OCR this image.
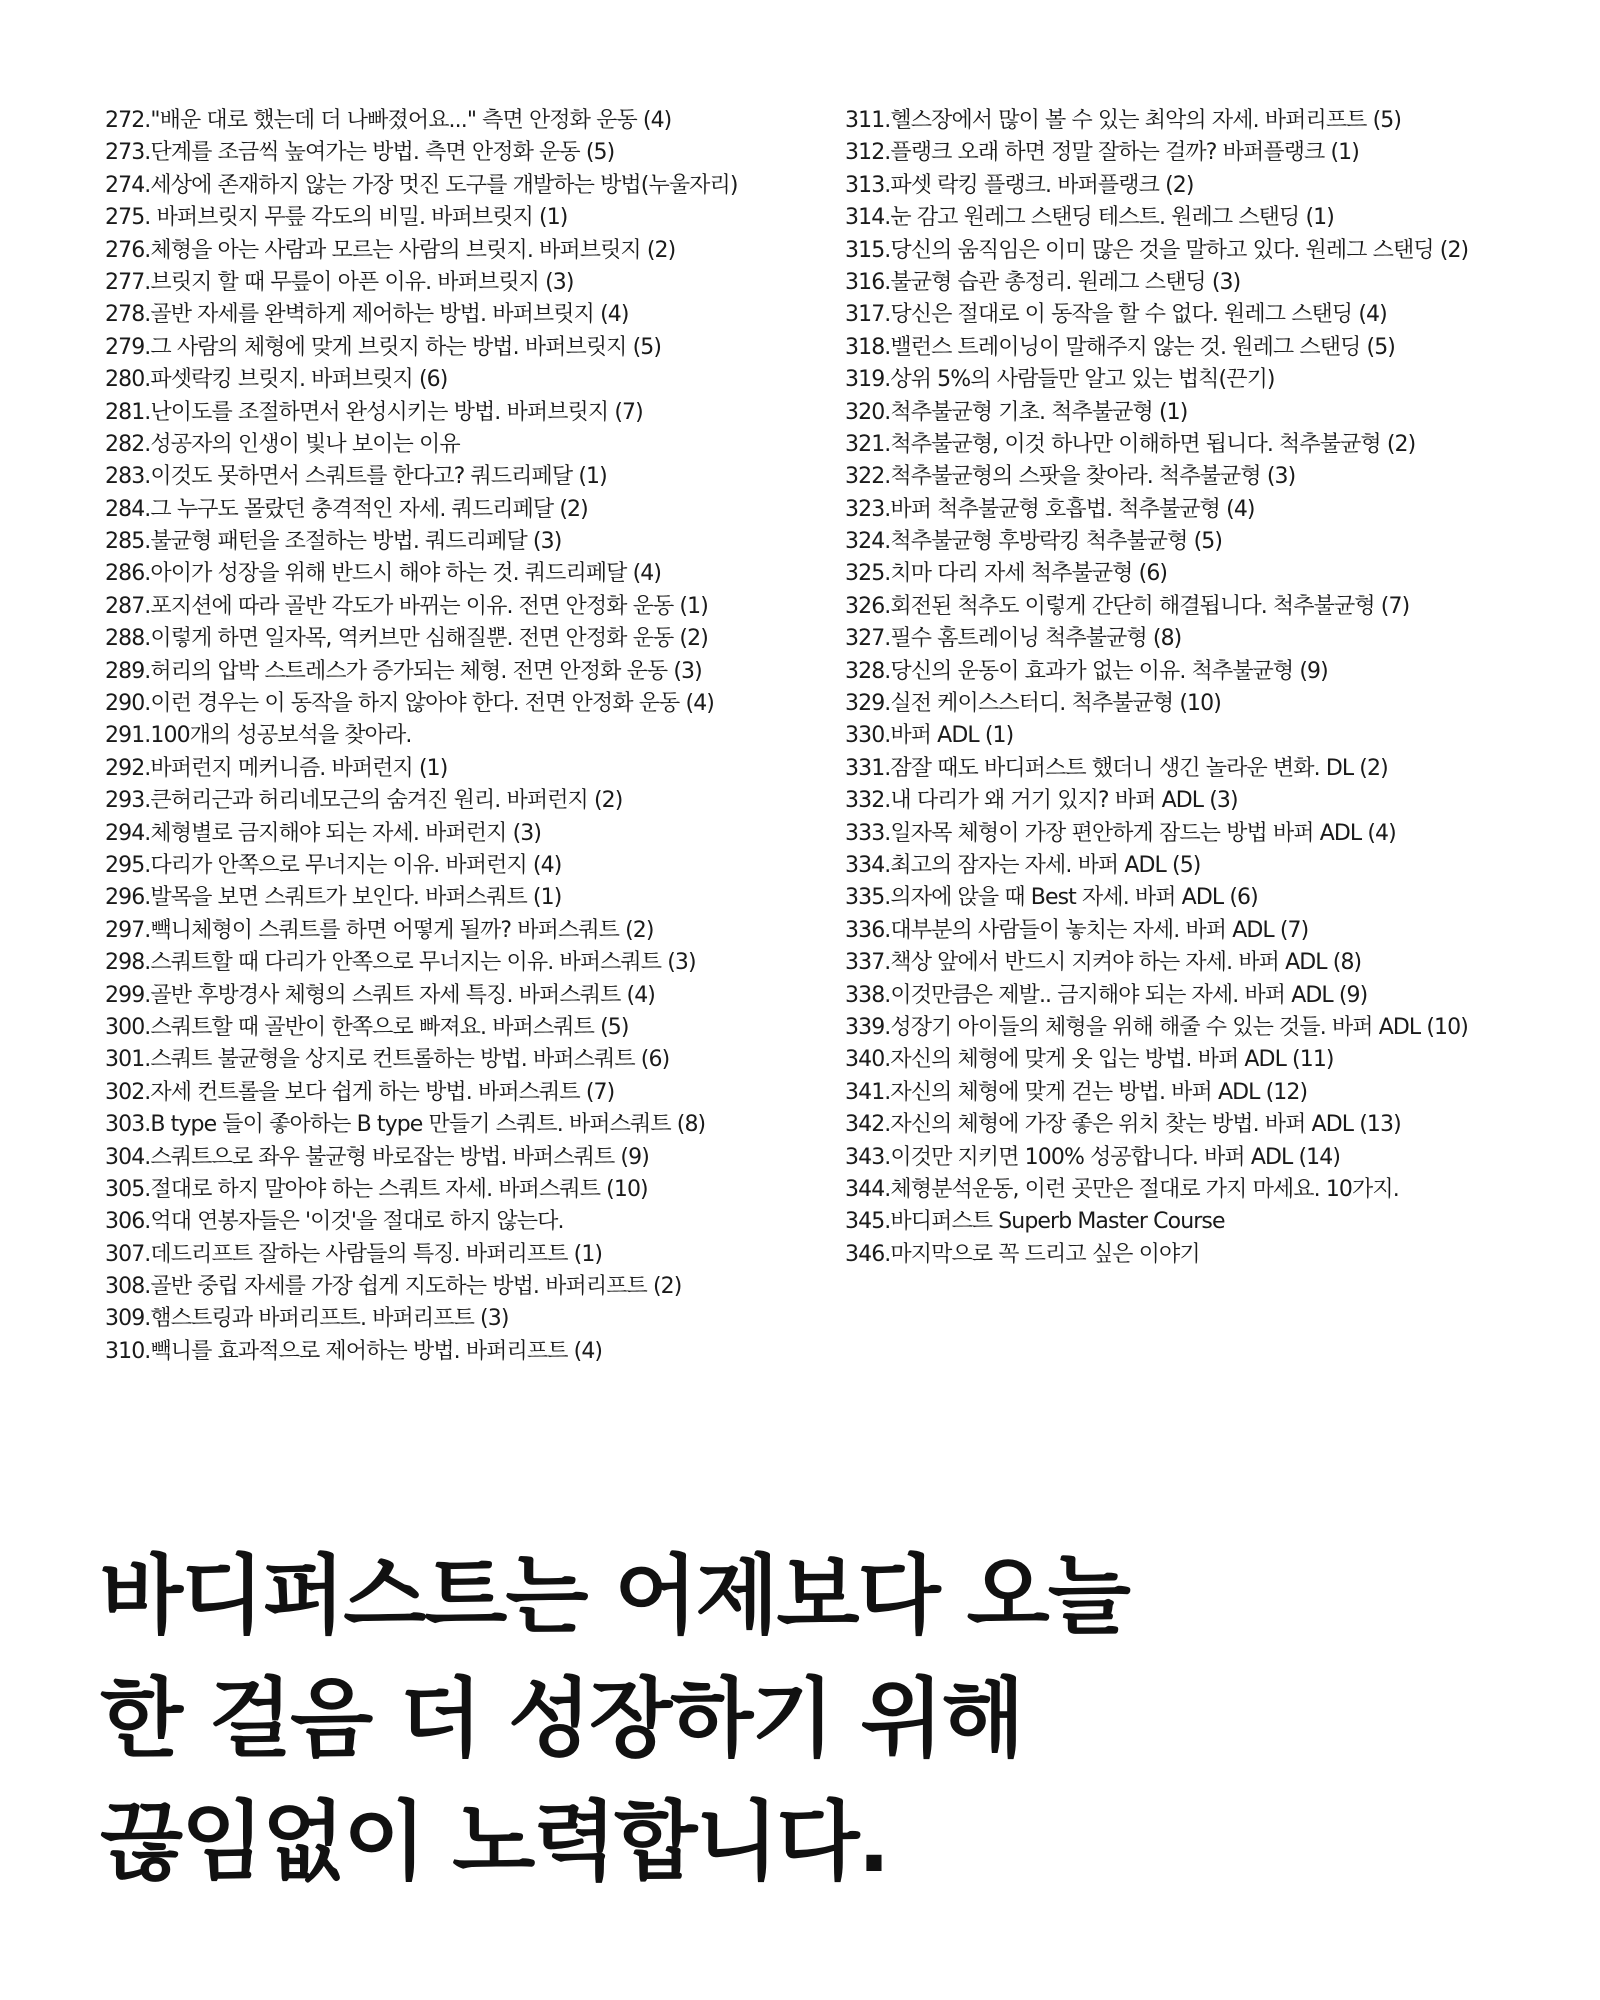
272."배운 대로 했는데 더 나빠졌어요..." 측면 안정화 운동 (4)
273.단계를 조금씩 높여가는 방법. 측면 안정화 운동 (5)
274.세상에 존재하지 않는 가장 멋진 도구를 개발하는 방법(누울자리)
275. 바퍼브릿지 무릎 각도의 비밀. 바퍼브릿지 (1)
276.체형을 아는 사람과 모르는 사람의 브릿지. 바퍼브릿지 (2)
277.브릿지 할 때 무릎이 아픈 이유. 바퍼브릿지 (3)
278.골반 자세를 완벽하게 제어하는 방법. 바퍼브릿지 (4)
279.그 사람의 체형에 맞게 브릿지 하는 방법. 바퍼브릿지 (5)
280.파셋락킹 브릿지. 바퍼브릿지 (6)
281.난이도를 조절하면서 완성시키는 방법. 바퍼브릿지 (7)
282.성공자의 인생이 빛나 보이는 이유
283.이것도 못하면서 스쿼트를 한다고? 쿼드리페달 (1)
284.그 누구도 몰랐던 충격적인 자세. 쿼드리페달 (2)
285.불균형 패턴을 조절하는 방법. 쿼드리페달 (3)
286.아이가 성장을 위해 반드시 해야 하는 것. 쿼드리페달 (4)
287.포지션에 따라 골반 각도가 바뀌는 이유. 전면 안정화 운동 (1)
288.이렇게 하면 일자목, 역커브만 심해질뿐. 전면 안정화 운동 (2)
289.허리의 압박 스트레스가 증가되는 체형. 전면 안정화 운동 (3)
290.이런 경우는 이 동작을 하지 않아야 한다. 전면 안정화 운동 (4)
291.100개의 성공보석을 찾아라.
292.바퍼런지 메커니즘. 바퍼런지 (1)
293.큰허리근과 허리네모근의 숨겨진 원리. 바퍼런지 (2)
294.체형별로 금지해야 되는 자세. 바퍼런지 (3)
295.다리가 안쪽으로 무너지는 이유. 바퍼런지 (4)
296.발목을 보면 스쿼트가 보인다. 바퍼스쿼트 (1)
297.빽니체형이 스쿼트를 하면 어떻게 될까? 바퍼스쿼트 (2)
298.스쿼트할 때 다리가 안쪽으로 무너지는 이유. 바퍼스쿼트 (3)
299.골반 후방경사 체형의 스쿼트 자세 특징. 바퍼스쿼트 (4)
300.스쿼트할 때 골반이 한쪽으로 빠져요. 바퍼스쿼트 (5)
301.스쿼트 불균형을 상지로 컨트롤하는 방법. 바퍼스쿼트 (6)
302.자세 컨트롤을 보다 쉽게 하는 방법. 바퍼스쿼트 (7)
303.B type 들이 좋아하는 B type 만들기 스쿼트. 바퍼스쿼트 (8)
304.스쿼트으로 좌우 불균형 바로잡는 방법. 바퍼스쿼트 (9)
305.절대로 하지 말아야 하는 스쿼트 자세. 바퍼스쿼트 (10)
306.억대 연봉자들은 '이것'을 절대로 하지 않는다.
307.데드리프트 잘하는 사람들의 특징. 바퍼리프트 (1)
308.골반 중립 자세를 가장 쉽게 지도하는 방법. 바퍼리프트 (2)
309.햄스트링과 바퍼리프트. 바퍼리프트 (3)
310.빽니를 효과적으로 제어하는 방법. 바퍼리프트 (4)
311.헬스장에서 많이 볼 수 있는 최악의 자세. 바퍼리프트 (5)
312.플랭크 오래 하면 정말 잘하는 걸까? 바퍼플랭크 (1)
313.파셋 락킹 플랭크. 바퍼플랭크 (2)
314.눈 감고 원레그 스탠딩 테스트. 원레그 스탠딩 (1)
315.당신의 움직임은 이미 많은 것을 말하고 있다. 원레그 스탠딩 (2)
316.불균형 습관 총정리. 원레그 스탠딩 (3)
317.당신은 절대로 이 동작을 할 수 없다. 원레그 스탠딩 (4)
318.밸런스 트레이닝이 말해주지 않는 것. 원레그 스탠딩 (5)
319.상위 5%의 사람들만 알고 있는 법칙(끈기)
320.척추불균형 기초. 척추불균형 (1)
321.척추불균형, 이것 하나만 이해하면 됩니다. 척추불균형 (2)
322.척추불균형의 스팟을 찾아라. 척추불균형 (3)
323.바퍼 척추불균형 호흡법. 척추불균형 (4)
324.척추불균형 후방락킹 척추불균형 (5)
325.치마 다리 자세 척추불균형 (6)
326.회전된 척추도 이렇게 간단히 해결됩니다. 척추불균형 (7)
327.필수 홈트레이닝 척추불균형 (8)
328.당신의 운동이 효과가 없는 이유. 척추불균형 (9)
329.실전 케이스스터디. 척추불균형 (10)
330.바퍼 ADL (1)
331.잠잘 때도 바디퍼스트 했더니 생긴 놀라운 변화. DL (2)
332.내 다리가 왜 거기 있지? 바퍼 ADL (3)
333.일자목 체형이 가장 편안하게 잠드는 방법 바퍼 ADL (4)
334.최고의 잠자는 자세. 바퍼 ADL (5)
335.의자에 앉을 때 Best 자세. 바퍼 ADL (6)
336.대부분의 사람들이 놓치는 자세. 바퍼 ADL (7)
337.책상 앞에서 반드시 지켜야 하는 자세. 바퍼 ADL (8)
338.이것만큼은 제발.. 금지해야 되는 자세. 바퍼 ADL (9)
339.성장기 아이들의 체형을 위해 해줄 수 있는 것들. 바퍼 ADL (10)
340.자신의 체형에 맞게 옷 입는 방법. 바퍼 ADL (11)
341.자신의 체형에 맞게 걷는 방법. 바퍼 ADL (12)
342.자신의 체형에 가장 좋은 위치 찾는 방법. 바퍼 ADL (13)
343.이것만 지키면 100% 성공합니다. 바퍼 ADL (14)
344.체형분석운동, 이런 곳만은 절대로 가지 마세요. 10가지.
345.바디퍼스트 Superb Master Course
346.마지막으로 꼭 드리고 싶은 이야기
바디퍼스트는 어제보다 오늘
한 걸음 더 성장하기 위해
끊임없이 노력합니다.
